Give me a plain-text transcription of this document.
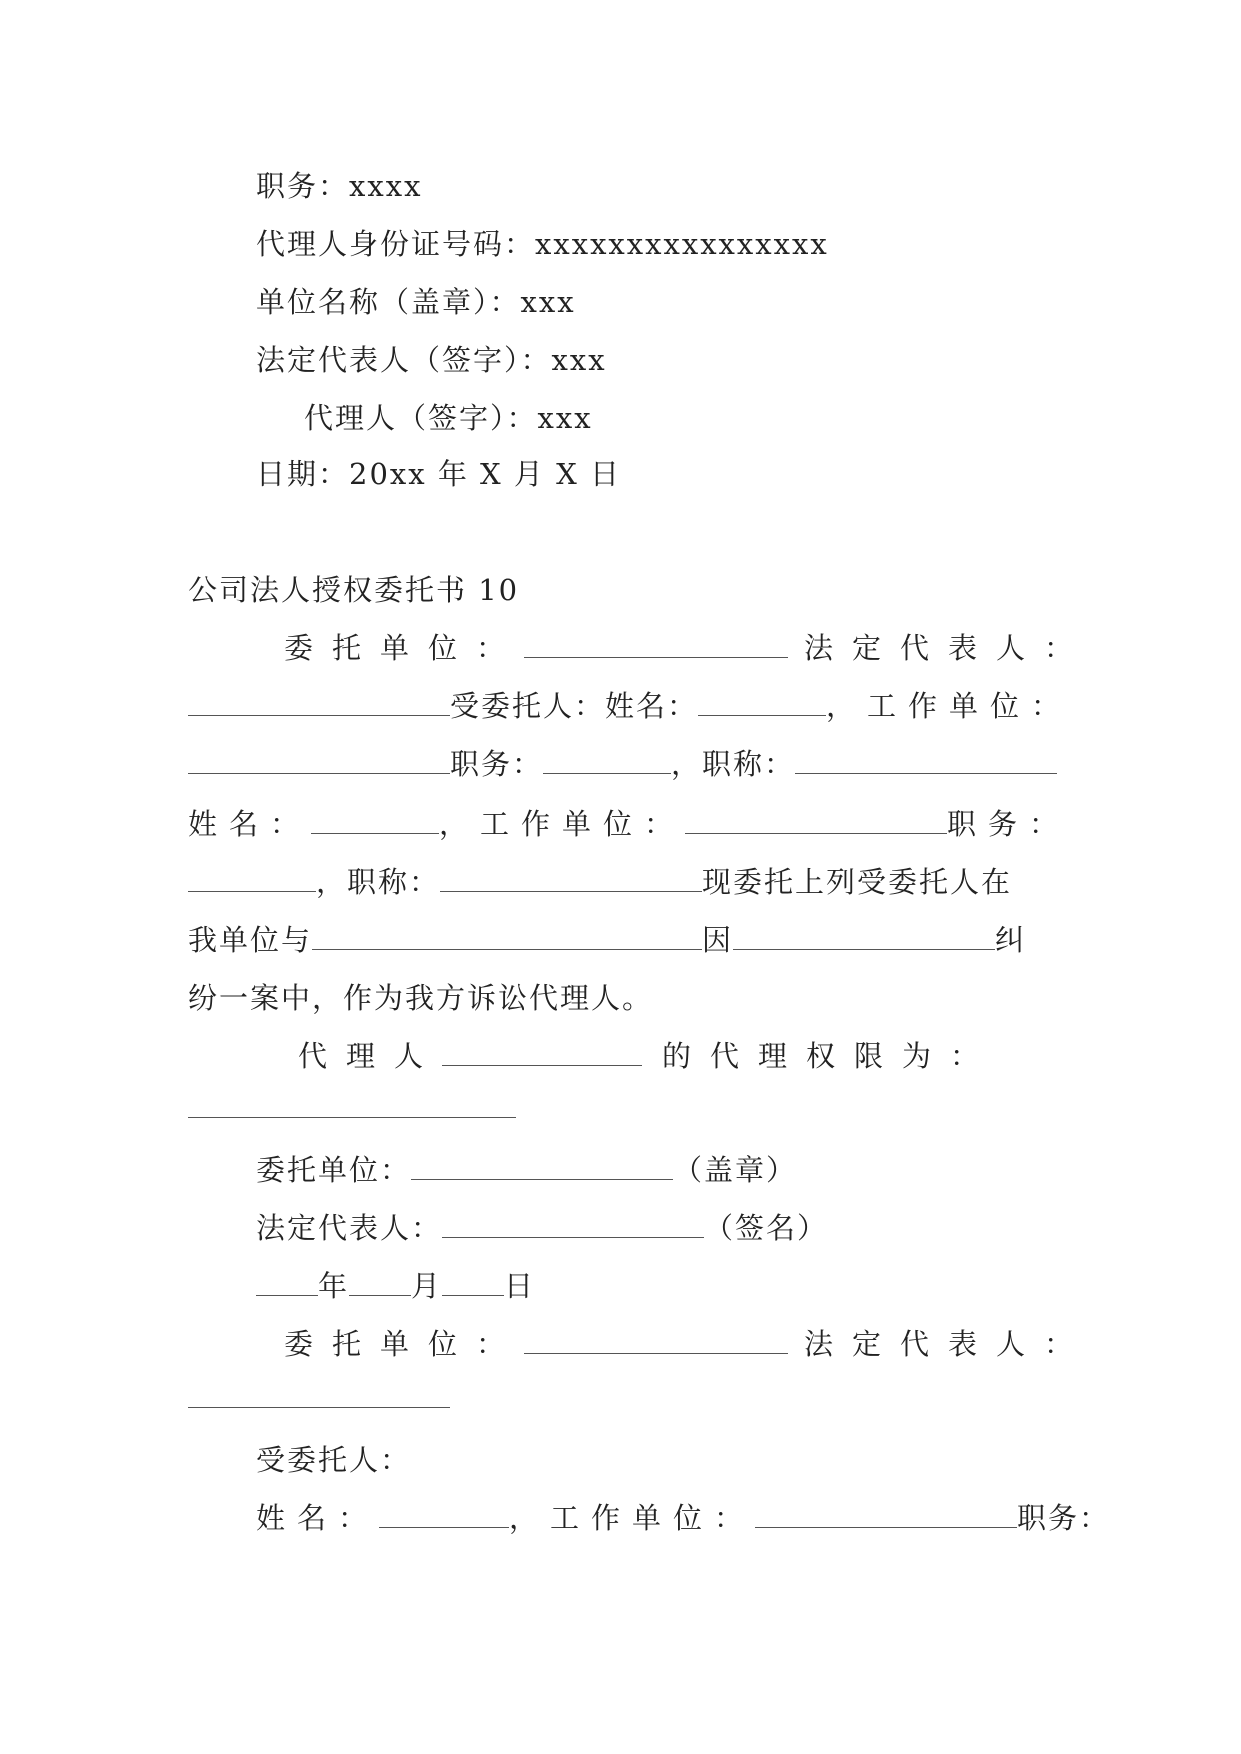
职务：xxxx
代理人身份证号码：xxxxxxxxxxxxxxxx
单位名称（盖章）：xxx
法定代表人（签字）：xxx
代理人（签字）：xxx
日期：20xx 年 X 月 X 日
公司法人授权委托书 10
委托单位：	法定代表人：
受委托人：姓名：	，工作单位：
职务：	，职称：
姓名：	，工作单位：	职务：
，职称：	现委托上列受委托人在
我单位与	因	纠
纷一案中，作为我方诉讼代理人。
代理人	的代理权限为：
委托单位：	（盖章）
法定代表人：	（签名）
年 月 日
委托单位：	法定代表人：
受委托人：
姓名：	，工作单位：	职务：
